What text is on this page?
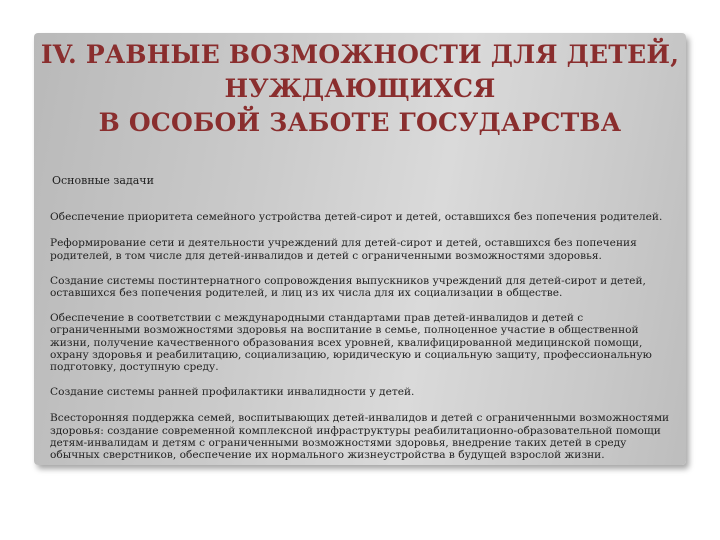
IV. РАВНЫЕ ВОЗМОЖНОСТИ ДЛЯ ДЕТЕЙ,
НУЖДАЮЩИХСЯ
В ОСОБОЙ ЗАБОТЕ ГОСУДАРСТВА
Основные задачи
Обеспечение приоритета семейного устройства детей-сирот и детей, оставшихся без попечения родителей.
Реформирование сети и деятельности учреждений для детей-сирот и детей, оставшихся без попечения родителей, в том числе для детей-инвалидов и детей с ограниченными возможностями здоровья.
Создание системы постинтернатного сопровождения выпускников учреждений для детей-сирот и детей, оставшихся без попечения родителей, и лиц из их числа для их социализации в обществе.
Обеспечение в соответствии с международными стандартами прав детей-инвалидов и детей с ограниченными возможностями здоровья на воспитание в семье, полноценное участие в общественной жизни, получение качественного образования всех уровней, квалифицированной медицинской помощи, охрану здоровья и реабилитацию, социализацию, юридическую и социальную защиту, профессиональную подготовку, доступную среду.
Создание системы ранней профилактики инвалидности у детей.
Всесторонняя поддержка семей, воспитывающих детей-инвалидов и детей с ограниченными возможностями здоровья: создание современной комплексной инфраструктуры реабилитационно-образовательной помощи детям-инвалидам и детям с ограниченными возможностями здоровья, внедрение таких детей в среду обычных сверстников, обеспечение их нормального жизнеустройства в будущей взрослой жизни.
